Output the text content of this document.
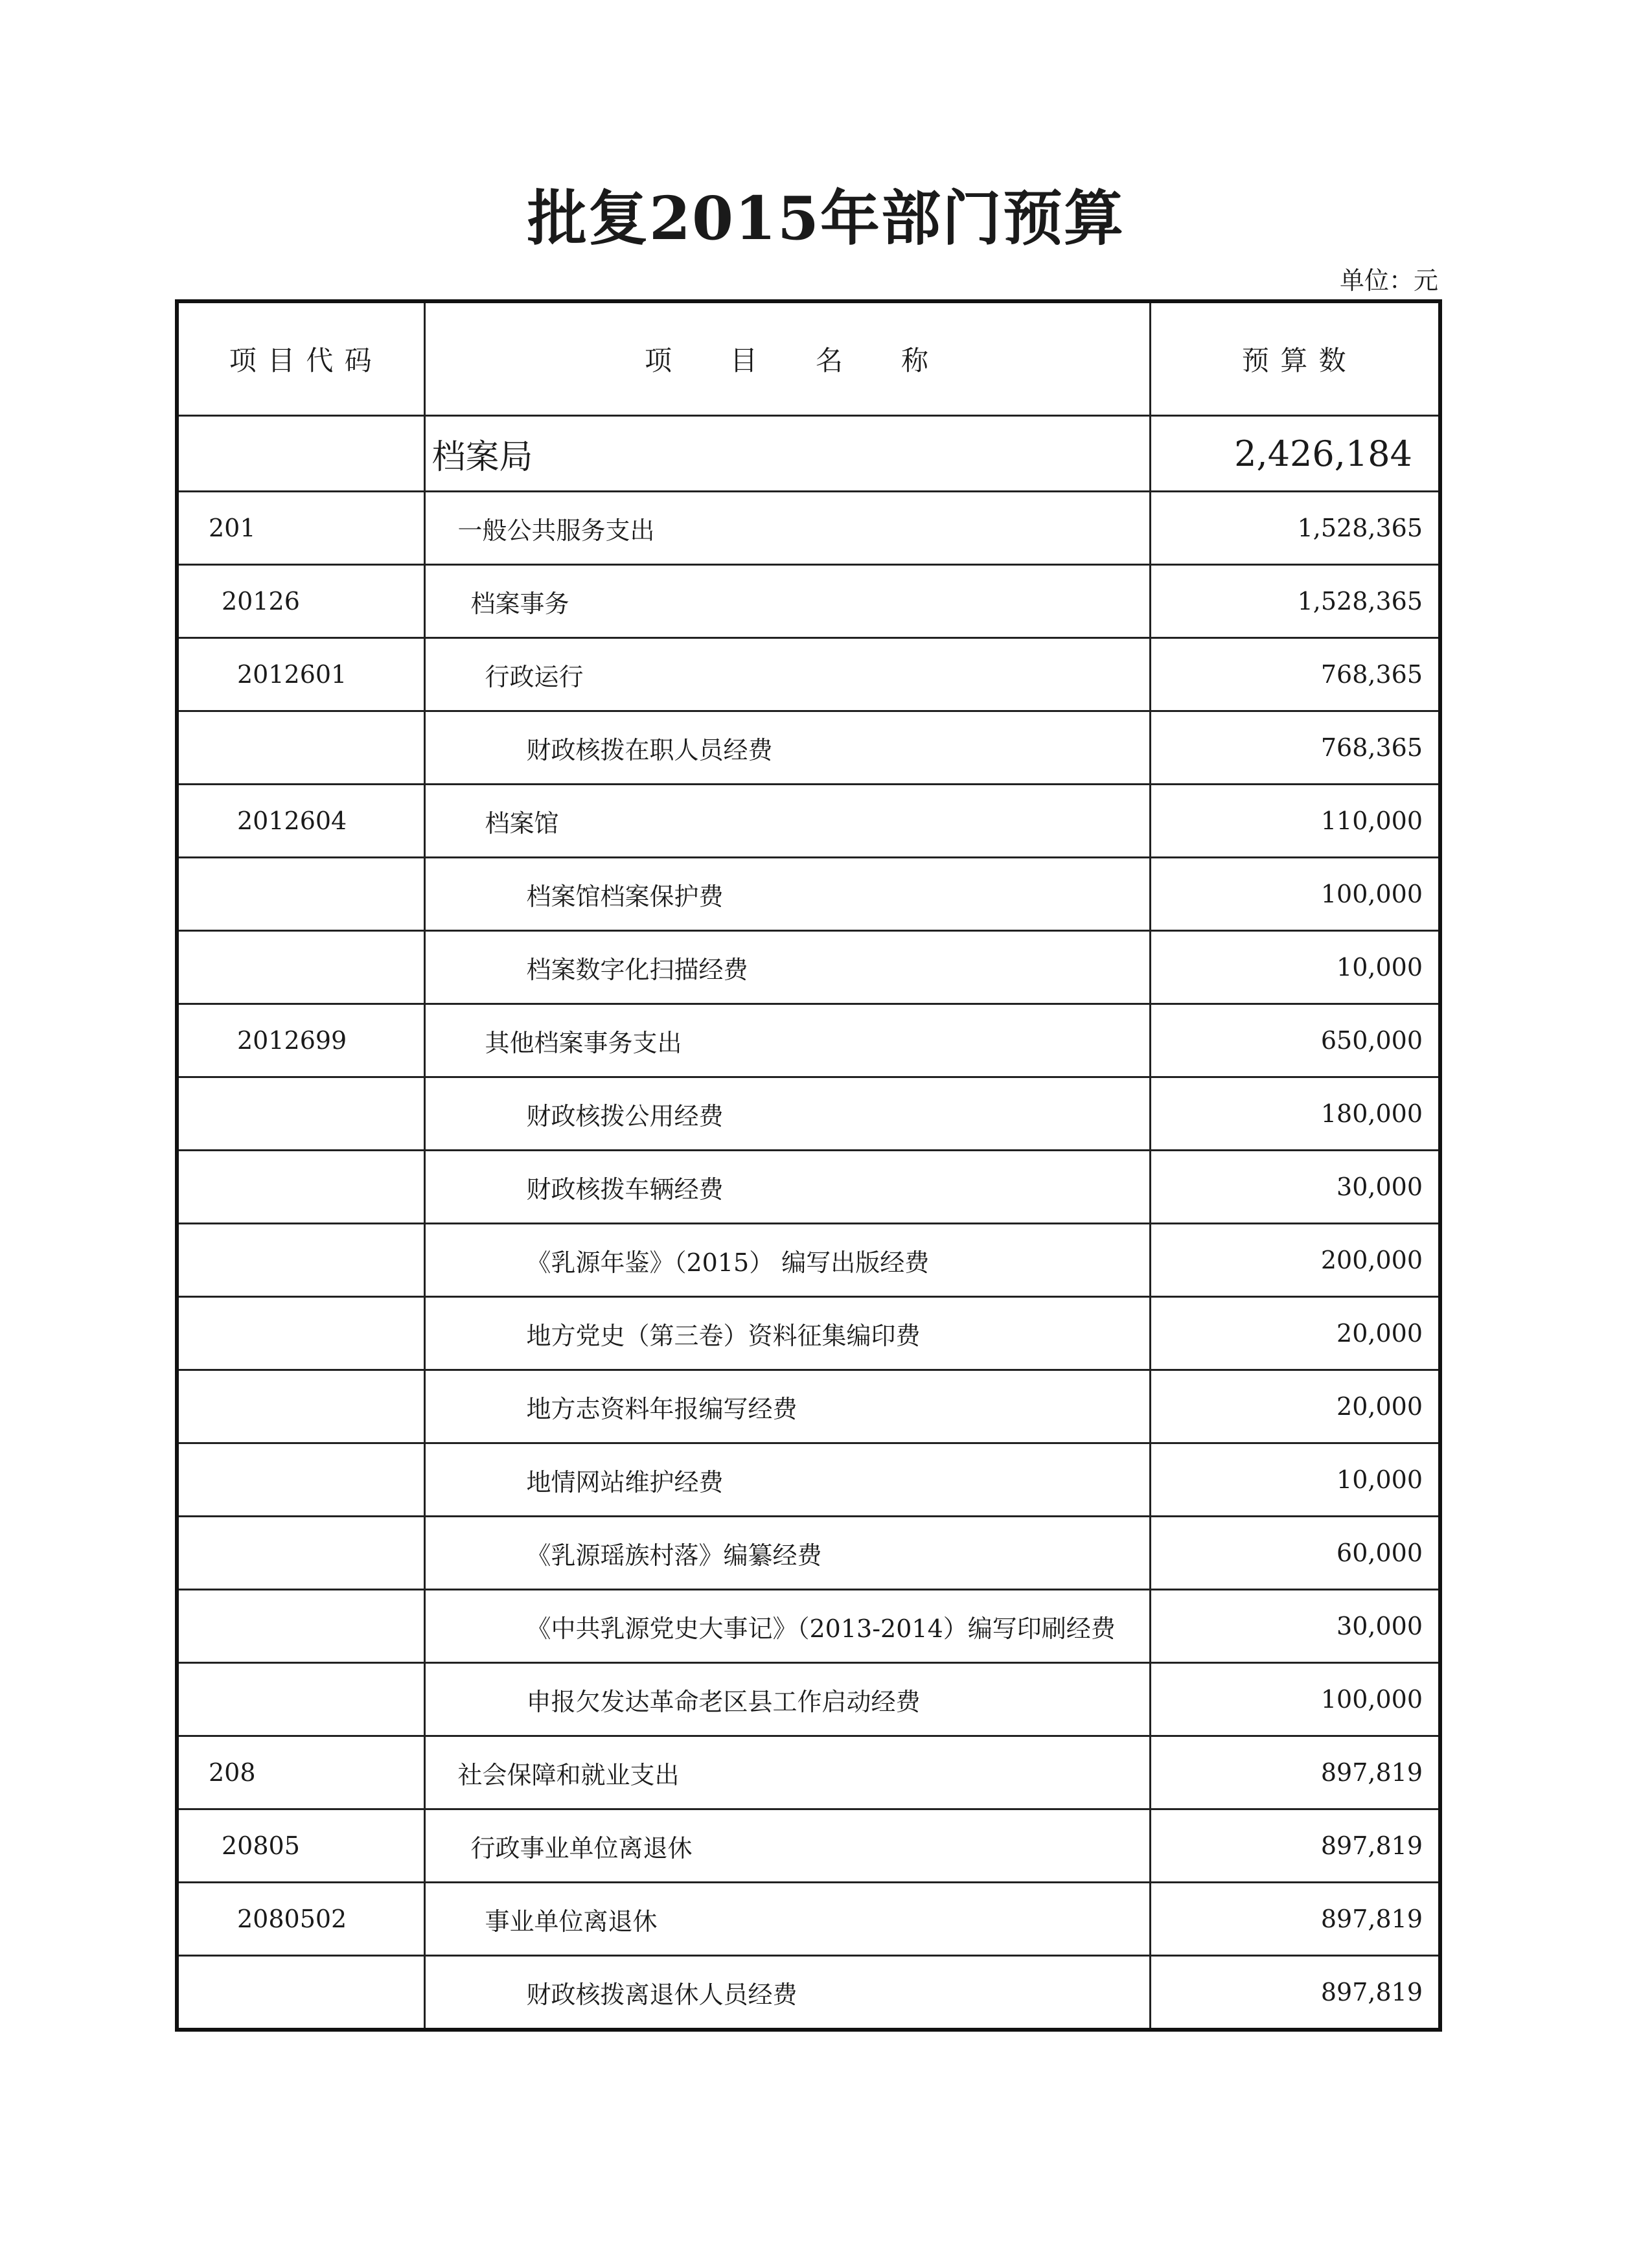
批复2015年部门预算
单位：元
项 目 代 码	项　　目　　名　　称	预 算 数
	档案局	2,426,184
201	一般公共服务支出	1,528,365
20126	档案事务	1,528,365
2012601	行政运行	768,365
	财政核拨在职人员经费	768,365
2012604	档案馆	110,000
	档案馆档案保护费	100,000
	档案数字化扫描经费	10,000
2012699	其他档案事务支出	650,000
	财政核拨公用经费	180,000
	财政核拨车辆经费	30,000
	《乳源年鉴》（2015） 编写出版经费	200,000
	地方党史（第三卷）资料征集编印费	20,000
	地方志资料年报编写经费	20,000
	地情网站维护经费	10,000
	《乳源瑶族村落》编纂经费	60,000
	《中共乳源党史大事记》（2013-2014）编写印刷经费	30,000
	申报欠发达革命老区县工作启动经费	100,000
208	社会保障和就业支出	897,819
20805	行政事业单位离退休	897,819
2080502	事业单位离退休	897,819
	财政核拨离退休人员经费	897,819
